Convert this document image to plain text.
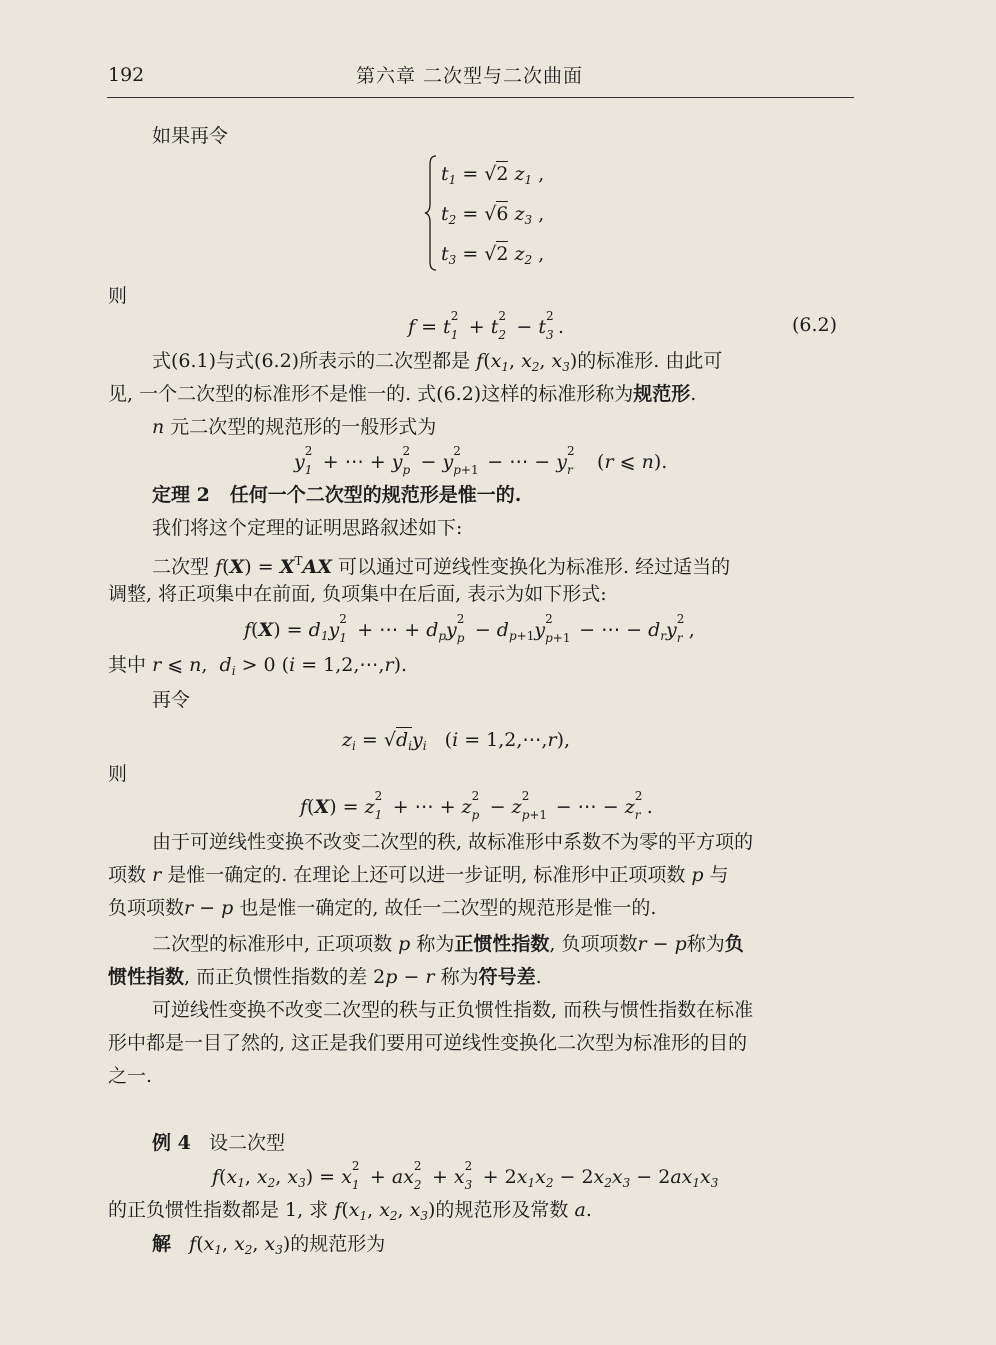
192	第六章 二次型与二次曲面
如果再令
$t_1 = √2$ $z_1$ ,
$t_2 = √6$ $z_3$ ,
$t_3 = √2$ $z_2$ ,
则
f = t 2
1 + t 2
2 − t 2
3 .	(6.2)
式(6.1)与式(6.2)所表示的二次型都是 $f(x_1$, $x_2$, $x_3$)的标准形. 由此可
见, 一个二次型的标准形不是惟一的. 式(6.2)这样的标准形称为规范形.
n 元二次型的规范形的一般形式为
y 2
1 + ⋯ + y 2
p − y 2
p+1 − ⋯ − y 2
r (r ⩽ n).
定理 2 任何一个二次型的规范形是惟一的.
我们将这个定理的证明思路叙述如下:
二次型 $f(X) = X^TAX$ 可以通过可逆线性变换化为标准形. 经过适当的
调整, 将正项集中在前面, 负项集中在后面, 表示为如下形式:
$f(X) = d_1y$ 2
1 + ⋯ + $d_py$ 2
$p - d_{p+1}y$ 2
p+1 − ⋯ − $d_ry$ 2
r ,
其中 r ⩽ n,  $d_i > 0$ (i = 1,2,⋯,r).
再令
$z_i = √d_iy_i$   (i = 1,2,⋯,r),
则
f(X) = z 2
1 + ⋯ + z 2
p − z 2
p+1 − ⋯ − z 2
r .
由于可逆线性变换不改变二次型的秩, 故标准形中系数不为零的平方项的
项数 r 是惟一确定的. 在理论上还可以进一步证明, 标准形中正项项数 p 与
负项项数r − p 也是惟一确定的, 故任一二次型的规范形是惟一的.
二次型的标准形中, 正项项数 p 称为正惯性指数, 负项项数r − p称为负
惯性指数, 而正负惯性指数的差 2p − r 称为符号差.
可逆线性变换不改变二次型的秩与正负惯性指数, 而秩与惯性指数在标准
形中都是一目了然的, 这正是我们要用可逆线性变换化二次型为标准形的目的
之一.
例 4 设二次型
$f(x_1$, $x_2$, $x_3) = x$ 2
1 + ax 2
2 + x 2
$3 + 2x_1x_2 - 2x_2x_3 - 2ax_1x_3$
的正负惯性指数都是 1, 求 $f(x_1$, $x_2$, $x_3$)的规范形及常数 a.
解 $f(x_1$, $x_2$, $x_3$)的规范形为
